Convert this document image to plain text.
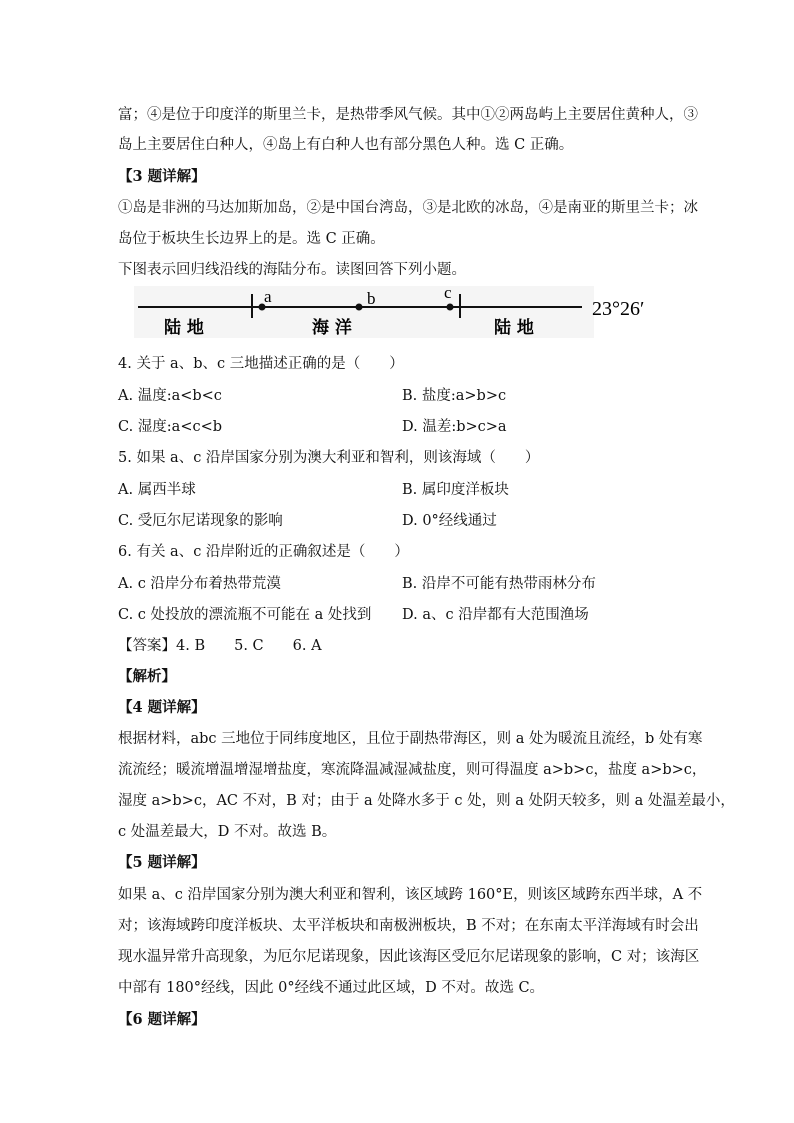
富；④是位于印度洋的斯里兰卡，是热带季风气候。其中①②两岛屿上主要居住黄种人，③
岛上主要居住白种人，④岛上有白种人也有部分黑色人种。选 C 正确。
【3 题详解】
①岛是非洲的马达加斯加岛，②是中国台湾岛，③是北欧的冰岛，④是南亚的斯里兰卡；冰
岛位于板块生长边界上的是。选 C 正确。
下图表示回归线沿线的海陆分布。读图回答下列小题。
a	b	c
陆 地	海 洋	陆 地
23°26′
4. 关于 a、b、c 三地描述正确的是（　　）
A. 温度:a<b<c	B. 盐度:a>b>c
C. 湿度:a<c<b	D. 温差:b>c>a
5. 如果 a、c 沿岸国家分别为澳大利亚和智利，则该海域（　　）
A. 属西半球	B. 属印度洋板块
C. 受厄尔尼诺现象的影响	D. 0°经线通过
6. 有关 a、c 沿岸附近的正确叙述是（　　）
A. c 沿岸分布着热带荒漠	B. 沿岸不可能有热带雨林分布
C. c 处投放的漂流瓶不可能在 a 处找到 D. a、c 沿岸都有大范围渔场
【答案】4. B　　5. C　　6. A
【解析】
【4 题详解】
根据材料，abc 三地位于同纬度地区，且位于副热带海区，则 a 处为暖流且流经，b 处有寒
流流经；暖流增温增湿增盐度，寒流降温减湿减盐度，则可得温度 a>b>c，盐度 a>b>c，
湿度 a>b>c，AC 不对，B 对；由于 a 处降水多于 c 处，则 a 处阴天较多，则 a 处温差最小，
c 处温差最大，D 不对。故选 B。
【5 题详解】
如果 a、c 沿岸国家分别为澳大利亚和智利，该区域跨 160°E，则该区域跨东西半球，A 不
对；该海域跨印度洋板块、太平洋板块和南极洲板块，B 不对；在东南太平洋海域有时会出
现水温异常升高现象，为厄尔尼诺现象，因此该海区受厄尔尼诺现象的影响，C 对；该海区
中部有 180°经线，因此 0°经线不通过此区域，D 不对。故选 C。
【6 题详解】
